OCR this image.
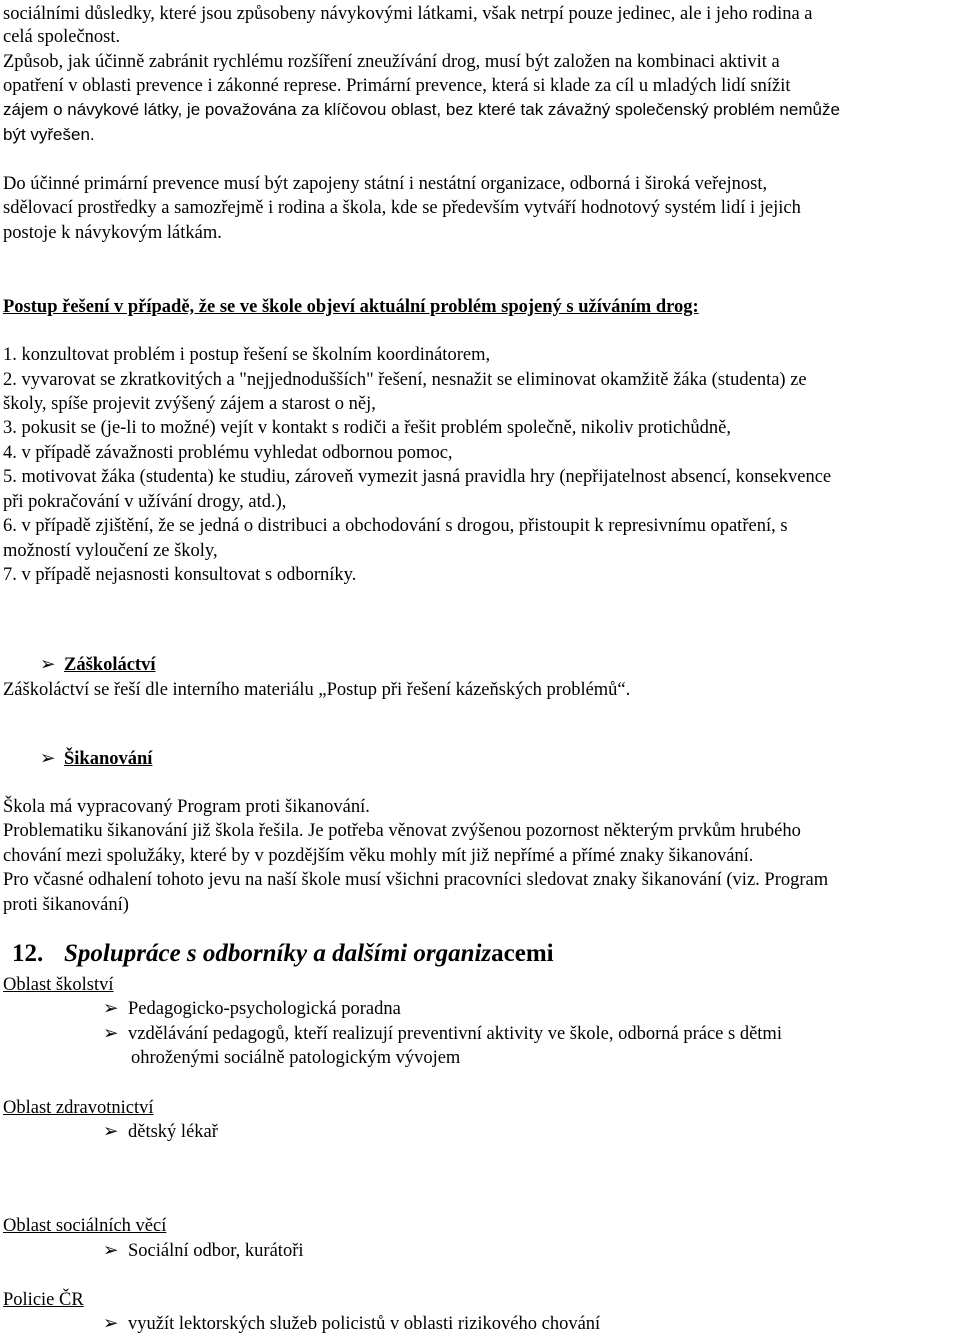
sociálními důsledky, které jsou způsobeny návykovými látkami, však netrpí pouze jedinec, ale i jeho rodina a
celá společnost.
Způsob, jak účinně zabránit rychlému rozšíření zneužívání drog, musí být založen na kombinaci aktivit a
opatření v oblasti prevence i zákonné represe. Primární prevence, která si klade za cíl u mladých lidí snížit
zájem o návykové látky, je považována za klíčovou oblast, bez které tak závažný společenský problém nemůže
být vyřešen.
Do účinné primární prevence musí být zapojeny státní i nestátní organizace, odborná i široká veřejnost,
sdělovací prostředky a samozřejmě i rodina a škola, kde se především vytváří hodnotový systém lidí i jejich
postoje k návykovým látkám.
Postup řešení v případě, že se ve škole objeví aktuální problém spojený s užíváním drog:
1. konzultovat problém i postup řešení se školním koordinátorem,
2. vyvarovat se zkratkovitých a "nejjednodušších" řešení, nesnažit se eliminovat okamžitě žáka (studenta) ze
školy, spíše projevit zvýšený zájem a starost o něj,
3. pokusit se (je-li to možné) vejít v kontakt s rodiči a řešit problém společně, nikoliv protichůdně,
4. v případě závažnosti problému vyhledat odbornou pomoc,
5. motivovat žáka (studenta) ke studiu, zároveň vymezit jasná pravidla hry (nepřijatelnost absencí, konsekvence
při pokračování v užívání drogy, atd.),
6. v případě zjištění, že se jedná o distribuci a obchodování s drogou, přistoupit k represivnímu opatření, s
možností vyloučení ze školy,
7. v případě nejasnosti konsultovat s odborníky.
➢ Záškoláctví
Záškoláctví se řeší dle interního materiálu „Postup při řešení kázeňských problémů“.
➢ Šikanování
Škola má vypracovaný Program proti šikanování.
Problematiku šikanování již škola řešila. Je potřeba věnovat zvýšenou pozornost některým prvkům hrubého
chování mezi spolužáky, které by v pozdějším věku mohly mít již nepřímé a přímé znaky šikanování.
Pro včasné odhalení tohoto jevu na naší škole musí všichni pracovníci sledovat znaky šikanování (viz. Program
proti šikanování)
12. Spolupráce s odborníky a dalšími organizacemi
Oblast školství
➢ Pedagogicko-psychologická poradna
➢ vzdělávání pedagogů, kteří realizují preventivní aktivity ve škole, odborná práce s dětmi
ohroženými sociálně patologickým vývojem
Oblast zdravotnictví
➢ dětský lékař
Oblast sociálních věcí
➢ Sociální odbor, kurátoři
Policie ČR
➢ využít lektorských služeb policistů v oblasti rizikového chování
